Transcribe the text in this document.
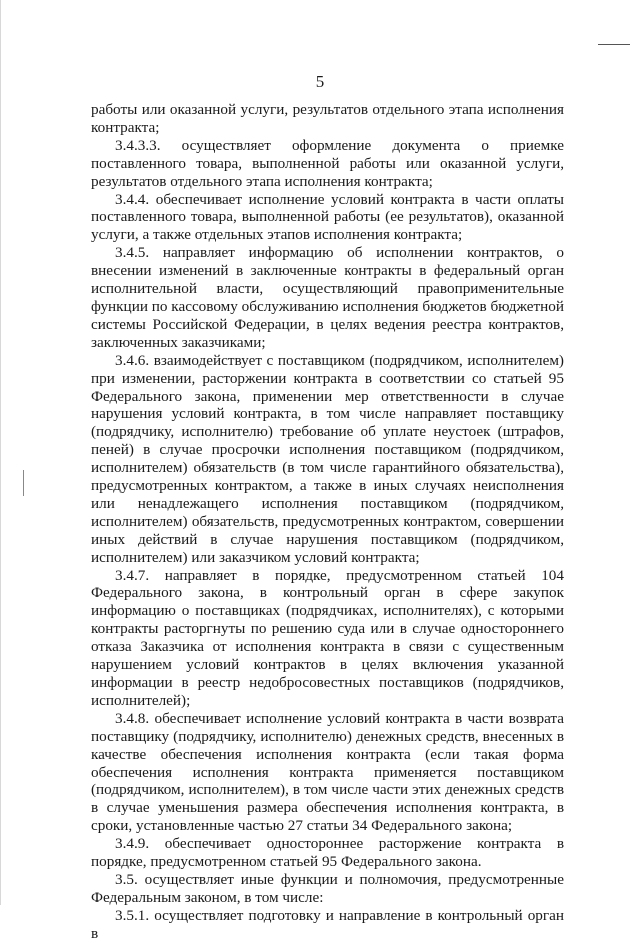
5

работы или оказанной услуги, результатов отдельного этапа исполнения контракта;

3.4.3.3. осуществляет оформление документа о приемке поставленного товара, выполненной работы или оказанной услуги, результатов отдельного этапа исполнения контракта;

3.4.4. обеспечивает исполнение условий контракта в части оплаты поставленного товара, выполненной работы (ее результатов), оказанной услуги, а также отдельных этапов исполнения контракта;

3.4.5. направляет информацию об исполнении контрактов, о внесении изменений в заключенные контракты в федеральный орган исполнительной власти, осуществляющий правоприменительные функции по кассовому обслуживанию исполнения бюджетов бюджетной системы Российской Федерации, в целях ведения реестра контрактов, заключенных заказчиками;

3.4.6. взаимодействует с поставщиком (подрядчиком, исполнителем) при изменении, расторжении контракта в соответствии со статьей 95 Федерального закона, применении мер ответственности в случае нарушения условий контракта, в том числе направляет поставщику (подрядчику, исполнителю) требование об уплате неустоек (штрафов, пеней) в случае просрочки исполнения поставщиком (подрядчиком, исполнителем) обязательств (в том числе гарантийного обязательства), предусмотренных контрактом, а также в иных случаях неисполнения или ненадлежащего исполнения поставщиком (подрядчиком, исполнителем) обязательств, предусмотренных контрактом, совершении иных действий в случае нарушения поставщиком (подрядчиком, исполнителем) или заказчиком условий контракта;

3.4.7. направляет в порядке, предусмотренном статьей 104 Федерального закона, в контрольный орган в сфере закупок информацию о поставщиках (подрядчиках, исполнителях), с которыми контракты расторгнуты по решению суда или в случае одностороннего отказа Заказчика от исполнения контракта в связи с существенным нарушением условий контрактов в целях включения указанной информации в реестр недобросовестных поставщиков (подрядчиков, исполнителей);

3.4.8. обеспечивает исполнение условий контракта в части возврата поставщику (подрядчику, исполнителю) денежных средств, внесенных в качестве обеспечения исполнения контракта (если такая форма обеспечения исполнения контракта применяется поставщиком (подрядчиком, исполнителем), в том числе части этих денежных средств в случае уменьшения размера обеспечения исполнения контракта, в сроки, установленные частью 27 статьи 34 Федерального закона;

3.4.9. обеспечивает одностороннее расторжение контракта в порядке, предусмотренном статьей 95 Федерального закона.

3.5. осуществляет иные функции и полномочия, предусмотренные Федеральным законом, в том числе:

3.5.1. осуществляет подготовку и направление в контрольный орган в
